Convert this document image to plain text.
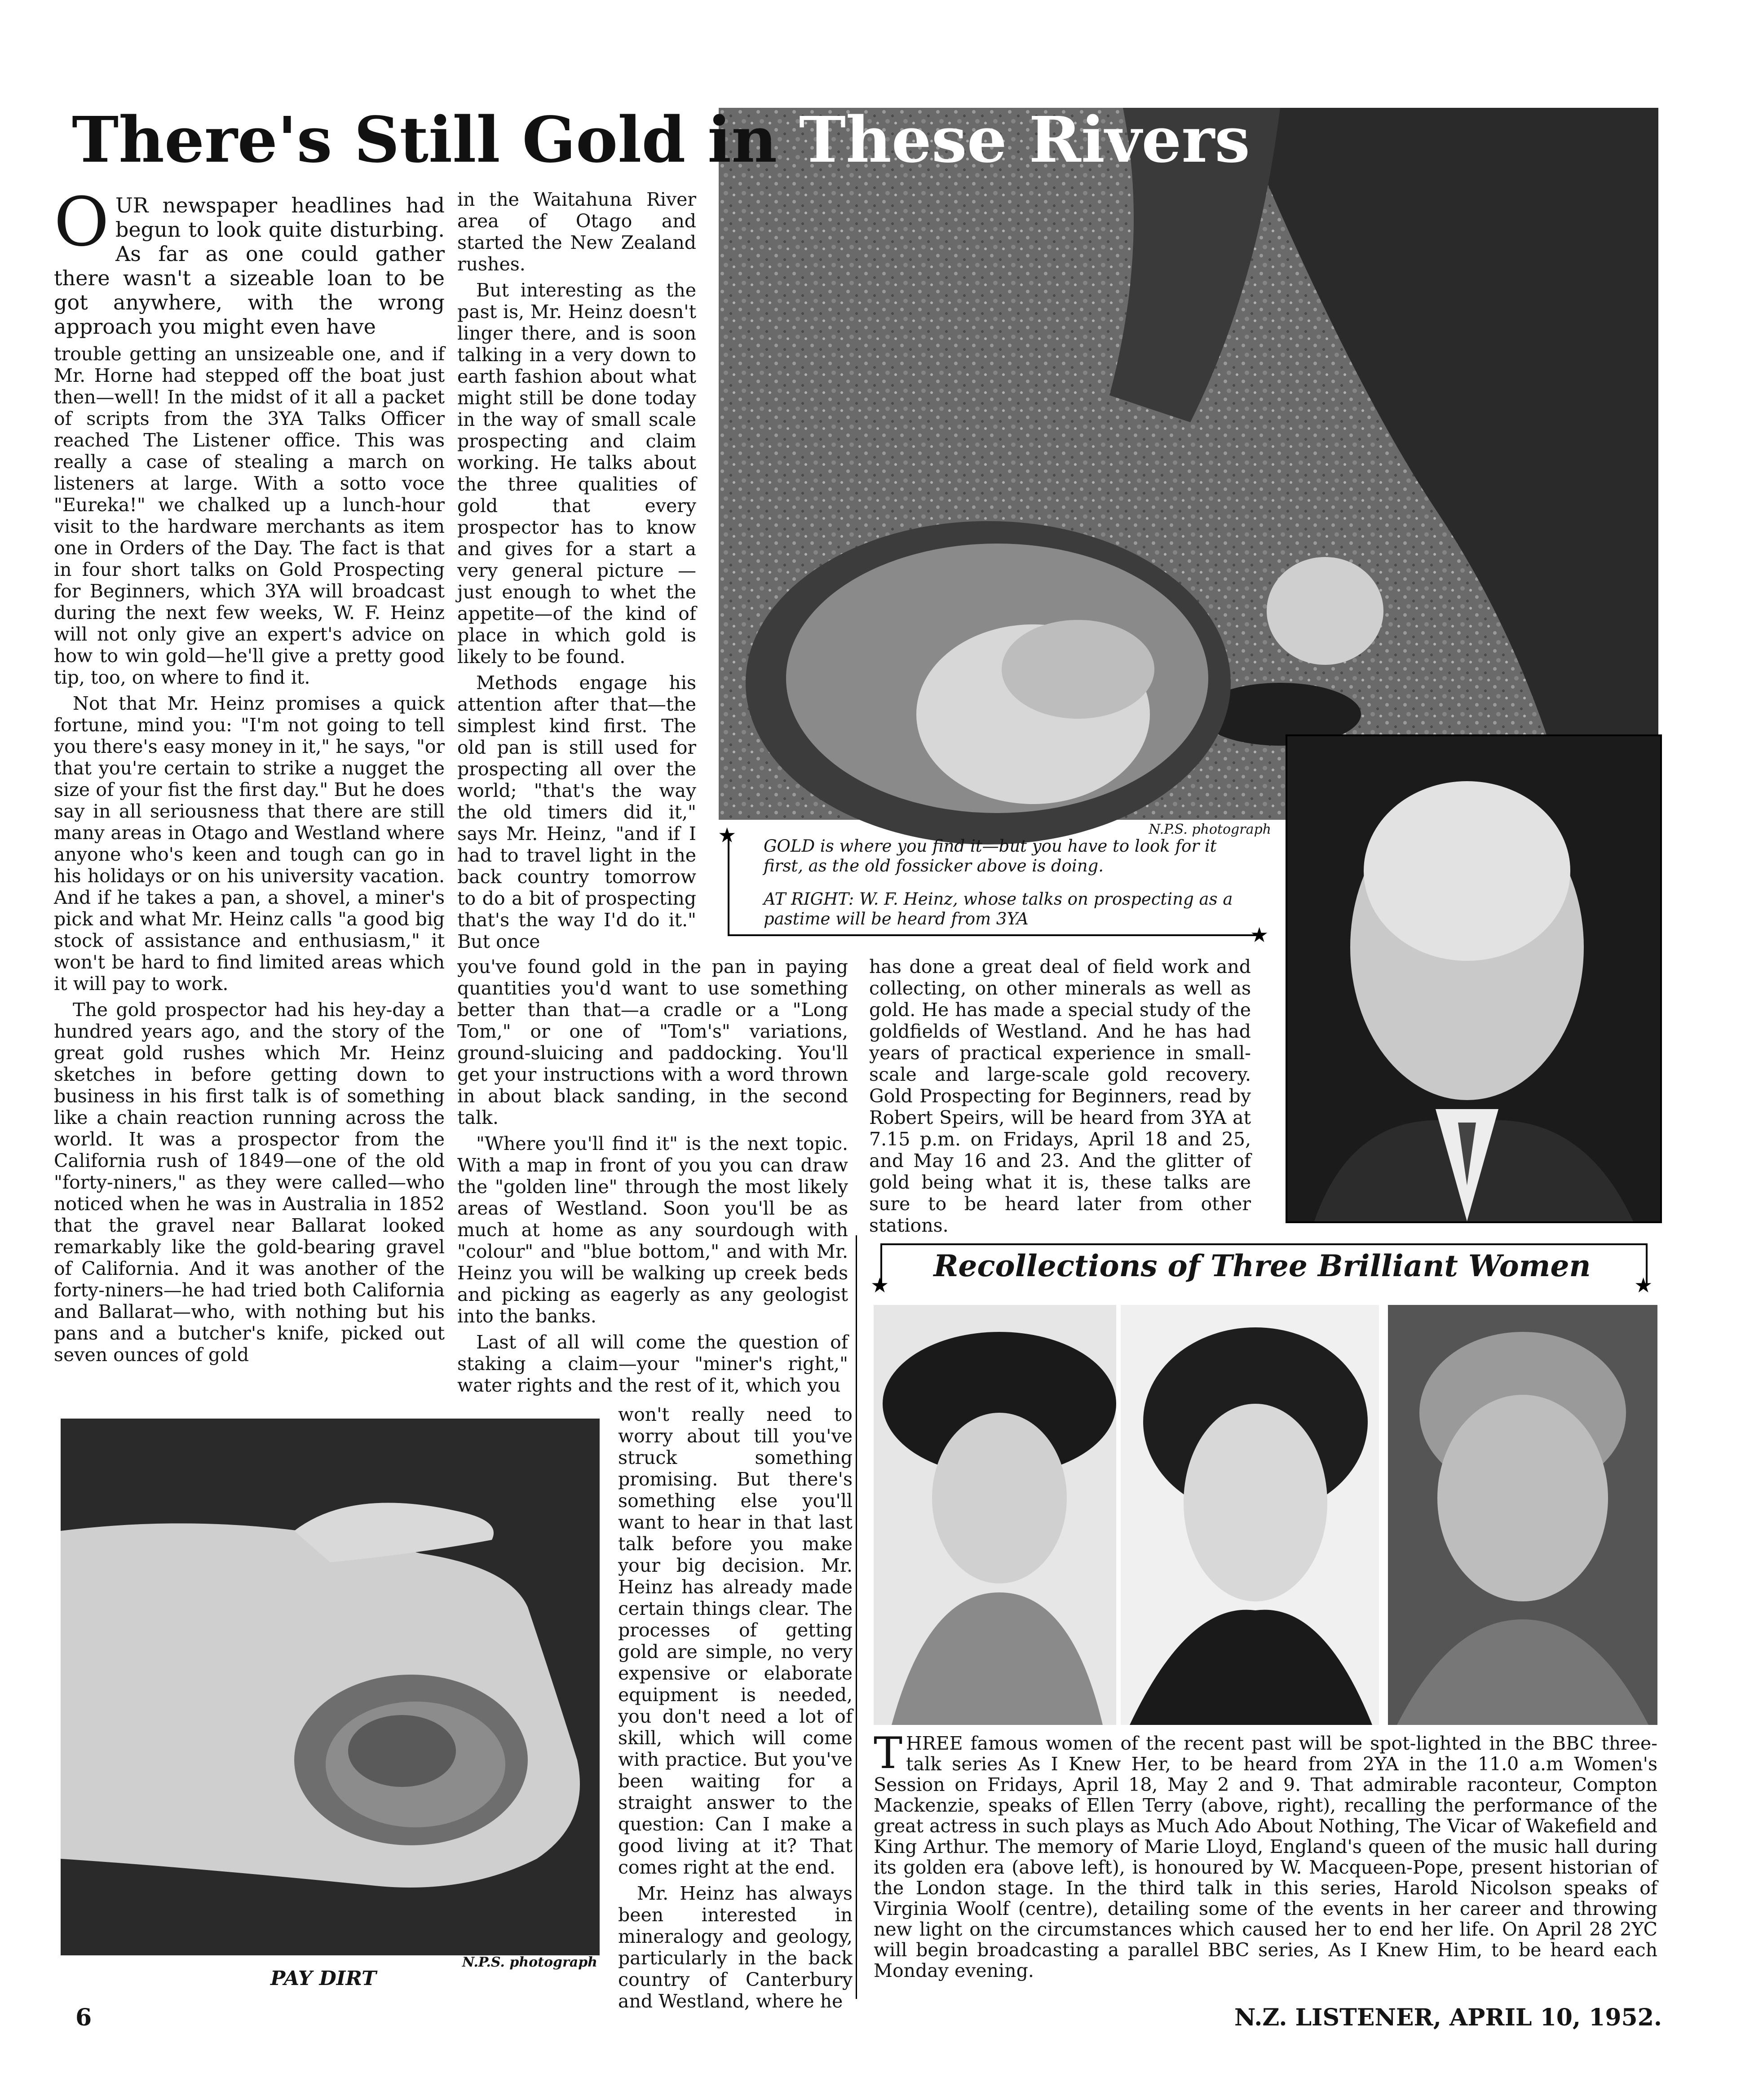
N.P.S. photograph
There's Still Gold in These Rivers
★
★
GOLD is where you find it—but you have to look for it first, as the old fossicker above is doing.
AT RIGHT: W. F. Heinz, whose talks on prospecting as a pastime will be heard from 3YA

OUR newspaper headlines had begun to look quite disturbing. As far as one could gather there wasn't a sizeable loan to be got anywhere, with the wrong approach you might even have

trouble getting an unsizeable one, and if Mr. Horne had stepped off the boat just then—well! In the midst of it all a packet of scripts from the 3YA Talks Officer reached The Listener office. This was really a case of stealing a march on listeners at large. With a sotto voce "Eureka!" we chalked up a lunch-hour visit to the hardware merchants as item one in Orders of the Day. The fact is that in four short talks on Gold Prospecting for Beginners, which 3YA will broadcast during the next few weeks, W. F. Heinz will not only give an expert's advice on how to win gold—he'll give a pretty good tip, too, on where to find it.

Not that Mr. Heinz promises a quick fortune, mind you: "I'm not going to tell you there's easy money in it," he says, "or that you're certain to strike a nugget the size of your fist the first day." But he does say in all seriousness that there are still many areas in Otago and Westland where anyone who's keen and tough can go in his holidays or on his university vacation. And if he takes a pan, a shovel, a miner's pick and what Mr. Heinz calls "a good big stock of assistance and enthusiasm," it won't be hard to find limited areas which it will pay to work.

The gold prospector had his hey-day a hundred years ago, and the story of the great gold rushes which Mr. Heinz sketches in before getting down to business in his first talk is of something like a chain reaction running across the world. It was a prospector from the California rush of 1849—one of the old "forty-niners," as they were called—who noticed when he was in Australia in 1852 that the gravel near Ballarat looked remarkably like the gold-bearing gravel of California. And it was another of the forty-niners—he had tried both California and Ballarat—who, with nothing but his pans and a butcher's knife, picked out seven ounces of gold

in the Waitahuna River area of Otago and started the New Zealand rushes.

But interesting as the past is, Mr. Heinz doesn't linger there, and is soon talking in a very down to earth fashion about what might still be done today in the way of small scale prospecting and claim working. He talks about the three qualities of gold that every prospector has to know and gives for a start a very general picture — just enough to whet the appetite—of the kind of place in which gold is likely to be found.

Methods engage his attention after that—the simplest kind first. The old pan is still used for prospecting all over the world; "that's the way the old timers did it," says Mr. Heinz, "and if I had to travel light in the back country tomorrow to do a bit of prospecting that's the way I'd do it." But once

you've found gold in the pan in paying quantities you'd want to use something better than that—a cradle or a "Long Tom," or one of "Tom's" variations, ground-sluicing and paddocking. You'll get your instructions with a word thrown in about black sanding, in the second talk.

"Where you'll find it" is the next topic. With a map in front of you you can draw the "golden line" through the most likely areas of Westland. Soon you'll be as much at home as any sourdough with "colour" and "blue bottom," and with Mr. Heinz you will be walking up creek beds and picking as eagerly as any geologist into the banks.

Last of all will come the question of staking a claim—your "miner's right," water rights and the rest of it, which you

won't really need to worry about till you've struck something promising. But there's something else you'll want to hear in that last talk before you make your big decision. Mr. Heinz has already made certain things clear. The processes of getting gold are simple, no very expensive or elaborate equipment is needed, you don't need a lot of skill, which will come with practice. But you've been waiting for a straight answer to the question: Can I make a good living at it? That comes right at the end.

Mr. Heinz has always been interested in mineralogy and geology, particularly in the back country of Canterbury and Westland, where he

has done a great deal of field work and collecting, on other minerals as well as gold. He has made a special study of the goldfields of Westland. And he has had years of practical experience in small-scale and large-scale gold recovery. Gold Prospecting for Beginners, read by Robert Speirs, will be heard from 3YA at 7.15 p.m. on Fridays, April 18 and 25, and May 16 and 23. And the glitter of gold being what it is, these talks are sure to be heard later from other stations.

N.P.S. photograph
PAY DIRT
★	★
Recollections of Three Brilliant Women

THREE famous women of the recent past will be spot-lighted in the BBC three-talk series As I Knew Her, to be heard from 2YA in the 11.0 a.m Women's Session on Fridays, April 18, May 2 and 9. That admirable raconteur, Compton Mackenzie, speaks of Ellen Terry (above, right), recalling the performance of the great actress in such plays as Much Ado About Nothing, The Vicar of Wakefield and King Arthur. The memory of Marie Lloyd, England's queen of the music hall during its golden era (above left), is honoured by W. Macqueen-Pope, present historian of the London stage. In the third talk in this series, Harold Nicolson speaks of Virginia Woolf (centre), detailing some of the events in her career and throwing new light on the circumstances which caused her to end her life. On April 28 2YC will begin broadcasting a parallel BBC series, As I Knew Him, to be heard each Monday evening.

6	N.Z. LISTENER, APRIL 10, 1952.
